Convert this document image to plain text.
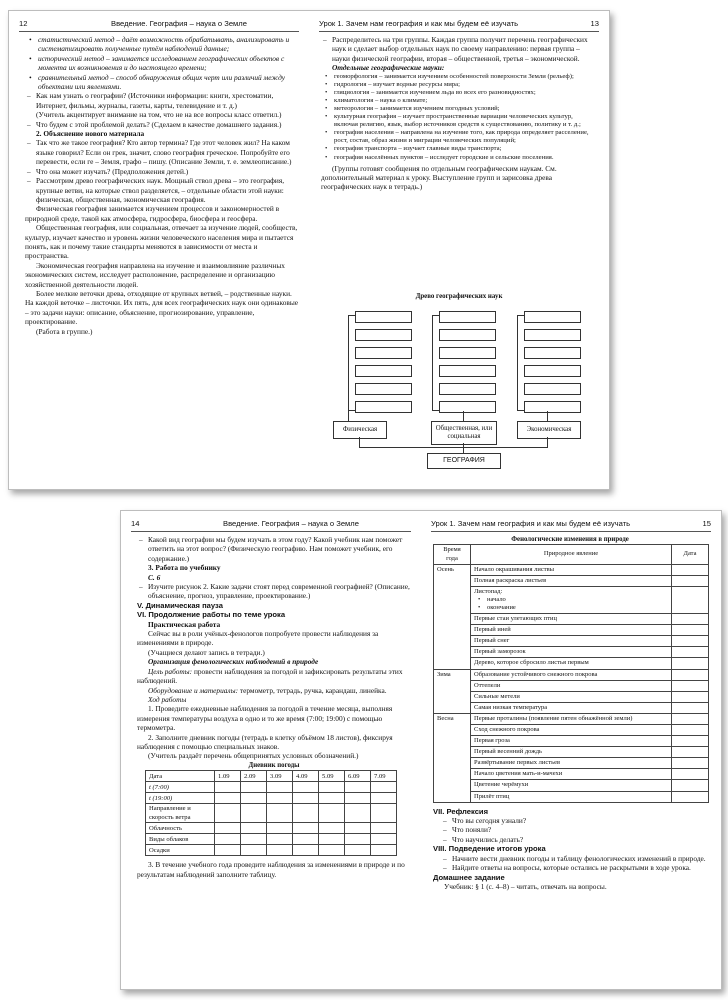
12	Введение. География – наука о Земле

• статистический метод – даёт возможность обрабатывать, анализировать и систематизировать полученные путём наблюдений данные;

• исторический метод – занимается исследованием географических объектов с момента их возникновения и до настоящего времени;

• сравнительный метод – способ обнаружения общих черт или различий между объектами или явлениями.

– Как нам узнать о географии? (Источники информации: книги, хрестоматии, Интернет, фильмы, журналы, газеты, карты, телевидение и т. д.)

(Учитель акцентирует внимание на том, что не на все вопросы класс ответил.)

– Что будем с этой проблемой делать? (Сделаем в качестве домашнего задания.)

2. Объяснение нового материала

– Так что же такое география? Кто автор термина? Где этот человек жил? На каком языке говорил? Если он грек, значит, слово география греческое. Попробуйте его перевести, если ге – Земля, графо – пишу. (Описание Земли, т. е. землеописание.)

– Что она может изучать? (Предположения детей.)

– Рассмотрим древо географических наук. Мощный ствол древа – это география, крупные ветви, на которые ствол разделяется, – отдельные области этой науки: физическая, общественная, экономическая география.

Физическая география занимается изучением процессов и закономерностей в природной среде, такой как атмосфера, гидросфера, биосфера и геосфера.

Общественная география, или социальная, отвечает за изучение людей, сообществ, культур, изучает качество и уровень жизни человеческого населения мира и пытается понять, как и почему такие стандарты меняются в зависимости от места и пространства.

Экономическая география направлена на изучение и взаимовлияние различных экономических систем, исследует расположение, распределение и организацию хозяйственной деятельности людей.

Более мелкие веточки древа, отходящие от крупных ветвей, – родственные науки. На каждой веточке – листочки. Их пять, для всех географических наук они одинаковые – это задачи науки: описание, объяснение, прогнозирование, управление, проектирование.

(Работа в группе.)

Урок 1. Зачем нам география и как мы будем её изучать	13

– Распределитесь на три группы. Каждая группа получит перечень географических наук и сделает выбор отдельных наук по своему направлению: первая группа – науки физической географии, вторая – общественной, третья – экономической.

Отдельные географические науки:

• геоморфология – занимается изучением особенностей поверхности Земли (рельеф);

• гидрология – изучает водные ресурсы мира;

• гляциология – занимается изучением льда во всех его разновидностях;

• климатология – наука о климате;

• метеорология – занимается изучением погодных условий;

• культурная география – изучает пространственные вариации человеческих культур, включая религию, язык, выбор источников средств к существованию, политику и т. д.;

• география населения – направлена на изучение того, как природа определяет расселение, рост, состав, образ жизни и миграции человеческих популяций;

• география транспорта – изучает главные виды транспорта;

• география населённых пунктов – исследует городские и сельские поселения.

(Группы готовят сообщения по отдельным географическим наукам. См. дополнительный материал к уроку. Выступление групп и зарисовка древа географических наук в тетрадь.)

Древо географических наук
Физическая	Общественная, или социальная
Экономическая
ГЕОГРАФИЯ
14	Введение. География – наука о Земле

– Какой вид географии мы будем изучать в этом году? Какой учебник нам поможет ответить на этот вопрос? (Физическую географию. Нам поможет учебник, его содержание.)

3. Работа по учебнику

С. 6

– Изучите рисунок 2. Какие задачи стоят перед современной географией? (Описание, объяснение, прогноз, управление, проектирование.)

V. Динамическая пауза

VI. Продолжение работы по теме урока

Практическая работа

Сейчас вы в роли учёных-фенологов попробуете провести наблюдения за изменениями в природе.

(Учащиеся делают запись в тетради.)

Организация фенологических наблюдений в природе

Цель работы: провести наблюдения за погодой и зафиксировать результаты этих наблюдений.

Оборудование и материалы: термометр, тетрадь, ручка, карандаш, линейка.

Ход работы

1. Проведите ежедневные наблюдения за погодой в течение месяца, выполняя измерения температуры воздуха в одно и то же время (7:00; 19:00) с помощью термометра.

2. Заполните дневник погоды (тетрадь в клетку объёмом 18 листов), фиксируя наблюдения с помощью специальных знаков.

(Учитель раздаёт перечень общепринятых условных обозначений.)

Дневник погоды

Дата	1.09	2.09	3.09	4.09	5.09	6.09	7.09
t (7:00)							
t (19:00)							
Направление и скорость ветра							
Облачность							
Виды облаков							
Осадки							

3. В течение учебного года проведите наблюдения за изменениями в природе и по результатам наблюдений заполните таблицу.

Урок 1. Зачем нам география и как мы будем её изучать	15

Фенологические изменения в природе

Время года	Природное явление	Дата
Осень	Начало окрашивания листвы	
	Полная раскраска листьев	

	Листопад:
• начало
• окончание

	Первые стаи улетающих птиц	
	Первый иней	
	Первый снег	
	Первый заморозок	
	Дерево, которое сбросило листья первым	
Зима	Образование устойчивого снежного покрова	
	Оттепели	
	Сильные метели	
	Самая низкая температура	
Весна	Первые проталины (появление пятен обнажённой земли)	
	Сход снежного покрова	
	Первая гроза	
	Первый весенний дождь	
	Развёртывание первых листьев	
	Начало цветения мать-и-мачехи	
	Цветение черёмухи	
	Прилёт птиц	

VII. Рефлексия

– Что вы сегодня узнали?

– Что поняли?

– Что научились делать?

VIII. Подведение итогов урока

– Начните вести дневник погоды и таблицу фенологических изменений в природе.

– Найдите ответы на вопросы, которые остались не раскрытыми в ходе урока.

Домашнее задание

Учебник: § 1 (с. 4–8) – читать, отвечать на вопросы.
